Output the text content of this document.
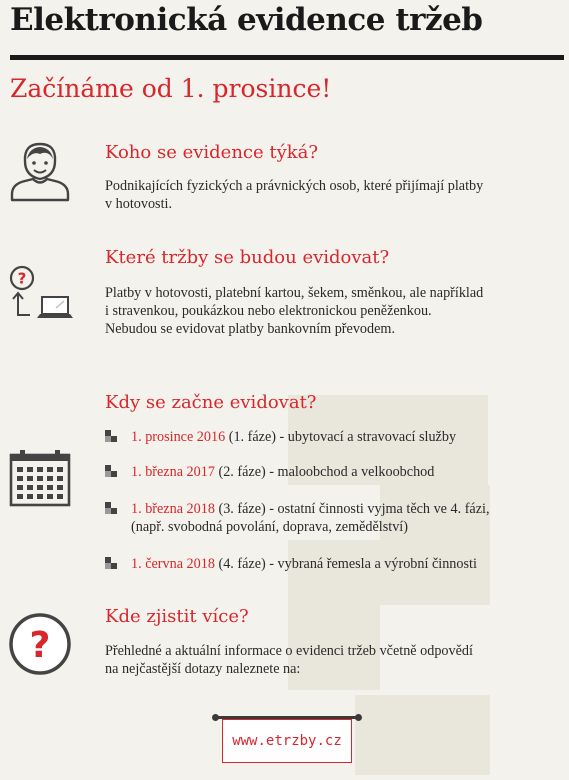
Elektronická evidence tržeb
Začínáme od 1. prosince!
Koho se evidence týká?
Podnikajících fyzických a právnických osob, které přijímají platby
v hotovosti.
?
Které tržby se budou evidovat?
Platby v hotovosti, platební kartou, šekem, směnkou, ale například
i stravenkou, poukázkou nebo elektronickou peněženkou.
Nebudou se evidovat platby bankovním převodem.
Kdy se začne evidovat?
1. prosince 2016 (1. fáze) - ubytovací a stravovací služby
1. března 2017 (2. fáze) - maloobchod a velkoobchod
1. března 2018 (3. fáze) - ostatní činnosti vyjma těch ve 4. fázi,
(např. svobodná povolání, doprava, zemědělství)
1. června 2018 (4. fáze) - vybraná řemesla a výrobní činnosti
?
Kde zjistit více?
Přehledné a aktuální informace o evidenci tržeb včetně odpovědí
na nejčastější dotazy naleznete na:
www.etrzby.cz
